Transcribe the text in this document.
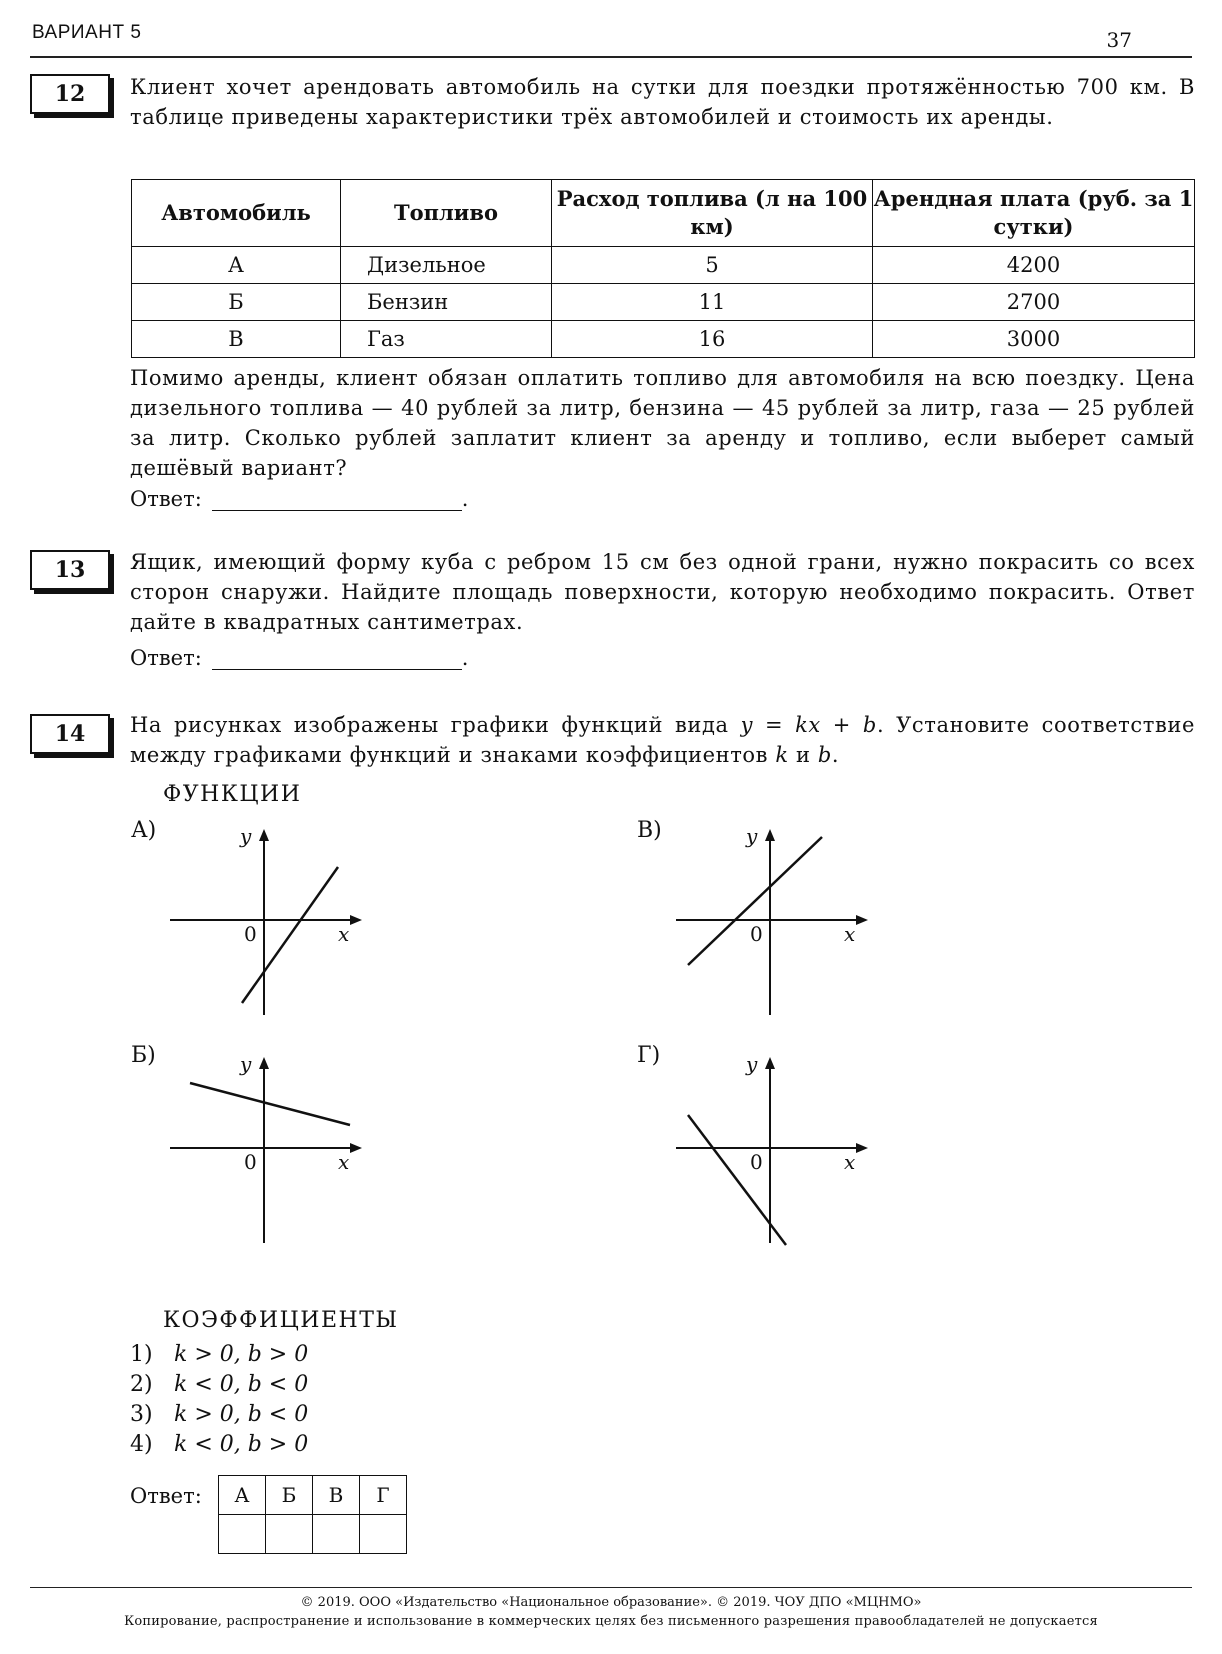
ВАРИАНТ 5	37
12	Клиент хочет арендовать автомобиль на сутки для поездки протяжённостью 700 км. В таблице приведены характеристики трёх автомобилей и стоимость их аренды.

Автомобиль	Топливо	Расход топлива (л на 100 км)	Арендная плата (руб. за 1 сутки)
А	Дизельное	5	4200
Б	Бензин	11	2700
В	Газ	16	3000

Помимо аренды, клиент обязан оплатить топливо для автомобиля на всю поездку. Цена дизельного топлива — 40 рублей за литр, бензина — 45 рублей за литр, газа — 25 рублей за литр. Сколько рублей заплатит клиент за аренду и топливо, если выберет самый дешёвый вариант?

Ответ:	.
13	Ящик, имеющий форму куба с ребром 15 см без одной грани, нужно покрасить со всех сторон снаружи. Найдите площадь поверхности, которую необходимо покрасить. Ответ дайте в квадратных сантиметрах.

Ответ:	.
14	На рисунках изображены графики функций вида y = kx + b. Установите соответствие между графиками функций и знаками коэффициентов k и b.

ФУНКЦИИ
А)	y
0	x
В)	y
0	x
Б)	y
0	x
Г)	y
0	x
КОЭФФИЦИЕНТЫ
1) k > 0, b > 0
2) k < 0, b < 0
3) k > 0, b < 0
4) k < 0, b > 0
Ответ: А	Б	В	Г

© 2019. ООО «Издательство «Национальное образование». © 2019. ЧОУ ДПО «МЦНМО»
Копирование, распространение и использование в коммерческих целях без письменного разрешения правообладателей не допускается
